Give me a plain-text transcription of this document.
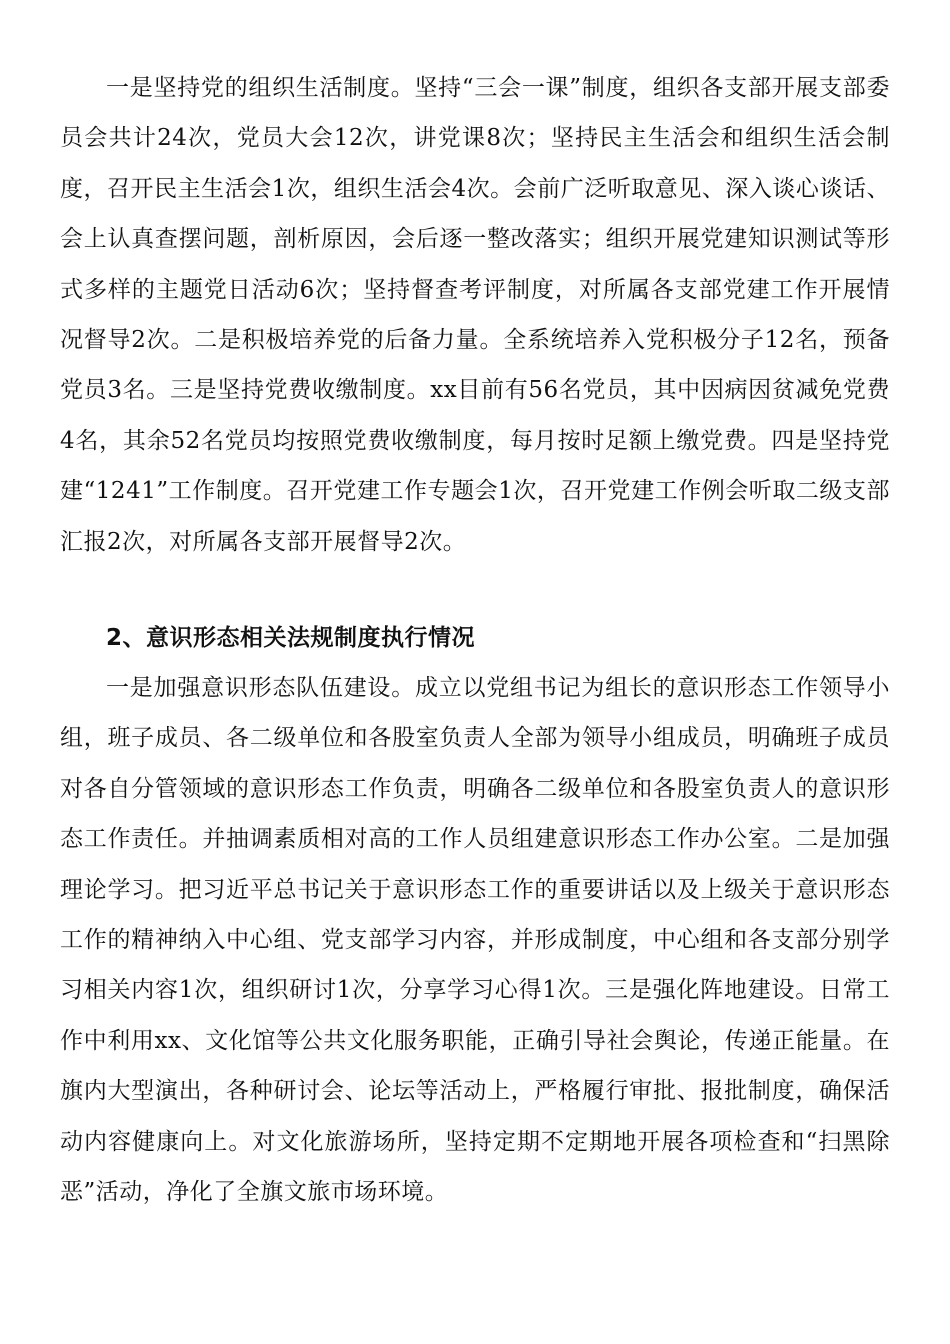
一是坚持党的组织生活制度。坚持“三会一课”制度，组织各支部开展支部委员会共计24次，党员大会12次，讲党课8次；坚持民主生活会和组织生活会制度，召开民主生活会1次，组织生活会4次。会前广泛听取意见、深入谈心谈话、会上认真查摆问题，剖析原因，会后逐一整改落实；组织开展党建知识测试等形式多样的主题党日活动6次；坚持督查考评制度，对所属各支部党建工作开展情况督导2次。二是积极培养党的后备力量。全系统培养入党积极分子12名，预备党员3名。三是坚持党费收缴制度。xx目前有56名党员，其中因病因贫减免党费4名，其余52名党员均按照党费收缴制度，每月按时足额上缴党费。四是坚持党建“1241”工作制度。召开党建工作专题会1次，召开党建工作例会听取二级支部汇报2次，对所属各支部开展督导2次。

2、意识形态相关法规制度执行情况

一是加强意识形态队伍建设。成立以党组书记为组长的意识形态工作领导小组，班子成员、各二级单位和各股室负责人全部为领导小组成员，明确班子成员对各自分管领域的意识形态工作负责，明确各二级单位和各股室负责人的意识形态工作责任。并抽调素质相对高的工作人员组建意识形态工作办公室。二是加强理论学习。把习近平总书记关于意识形态工作的重要讲话以及上级关于意识形态工作的精神纳入中心组、党支部学习内容，并形成制度，中心组和各支部分别学习相关内容1次，组织研讨1次，分享学习心得1次。三是强化阵地建设。日常工作中利用xx、文化馆等公共文化服务职能，正确引导社会舆论，传递正能量。在旗内大型演出，各种研讨会、论坛等活动上，严格履行审批、报批制度，确保活动内容健康向上。对文化旅游场所，坚持定期不定期地开展各项检查和“扫黑除恶”活动，净化了全旗文旅市场环境。
